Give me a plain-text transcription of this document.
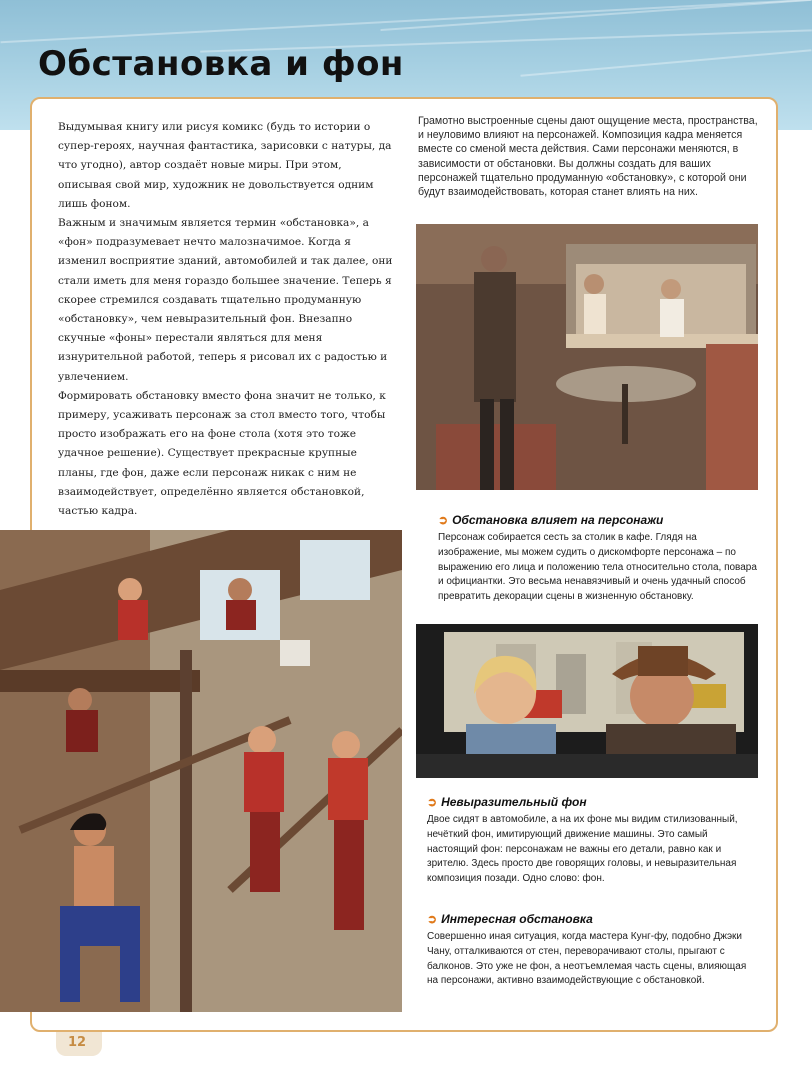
Обстановка и фон

Выдумывая книгу или рисуя комикс (будь то истории о супер-героях, научная фантастика, зарисовки с натуры, да что угодно), автор создаёт новые миры. При этом, описывая свой мир, художник не довольствуется одним лишь фоном.

Важным и значимым является термин «обстановка», а «фон» подразумевает нечто малозначимое. Когда я изменил восприятие зданий, автомобилей и так далее, они стали иметь для меня гораздо большее значение. Теперь я скорее стремился создавать тщательно продуманную «обстановку», чем невыразительный фон. Внезапно скучные «фоны» перестали являться для меня изнурительной работой, теперь я рисовал их с радостью и увлечением.

Формировать обстановку вместо фона значит не только, к примеру, усаживать персонаж за стол вместо того, чтобы просто изображать его на фоне стола (хотя это тоже удачное решение). Существует прекрасные крупные планы, где фон, даже если персонаж никак с ним не взаимодействует, определённо является обстановкой, частью кадра.

Грамотно выстроенные сцены дают ощущение места, пространства, и неуловимо влияют на персонажей. Композиция кадра меняется вместе со сменой места действия. Сами персонажи меняются, в зависимости от обстановки. Вы должны создать для ваших персонажей тщательно продуманную «обстановку», с которой они будут взаимодействовать, которая станет влиять на них.

➲ Обстановка влияет на персонажи

Персонаж собирается сесть за столик в кафе. Глядя на изображение, мы можем судить о дискомфорте персонажа – по выражению его лица и положению тела относительно стола, повара и официантки. Это весьма ненавязчивый и очень удачный способ превратить декорации сцены в жизненную обстановку.

➲ Невыразительный фон

Двое сидят в автомобиле, а на их фоне мы видим стилизованный, нечёткий фон, имитирующий движение машины. Это самый настоящий фон: персонажам не важны его детали, равно как и зрителю. Здесь просто две говорящих головы, и невыразительная композиция позади. Одно слово: фон.

➲ Интересная обстановка

Совершенно иная ситуация, когда мастера Кунг-фу, подобно Джэки Чану, отталкиваются от стен, переворачивают столы, прыгают с балконов. Это уже не фон, а неотъемлемая часть сцены, влияющая на персонажи, активно взаимодействующие с обстановкой.

12
